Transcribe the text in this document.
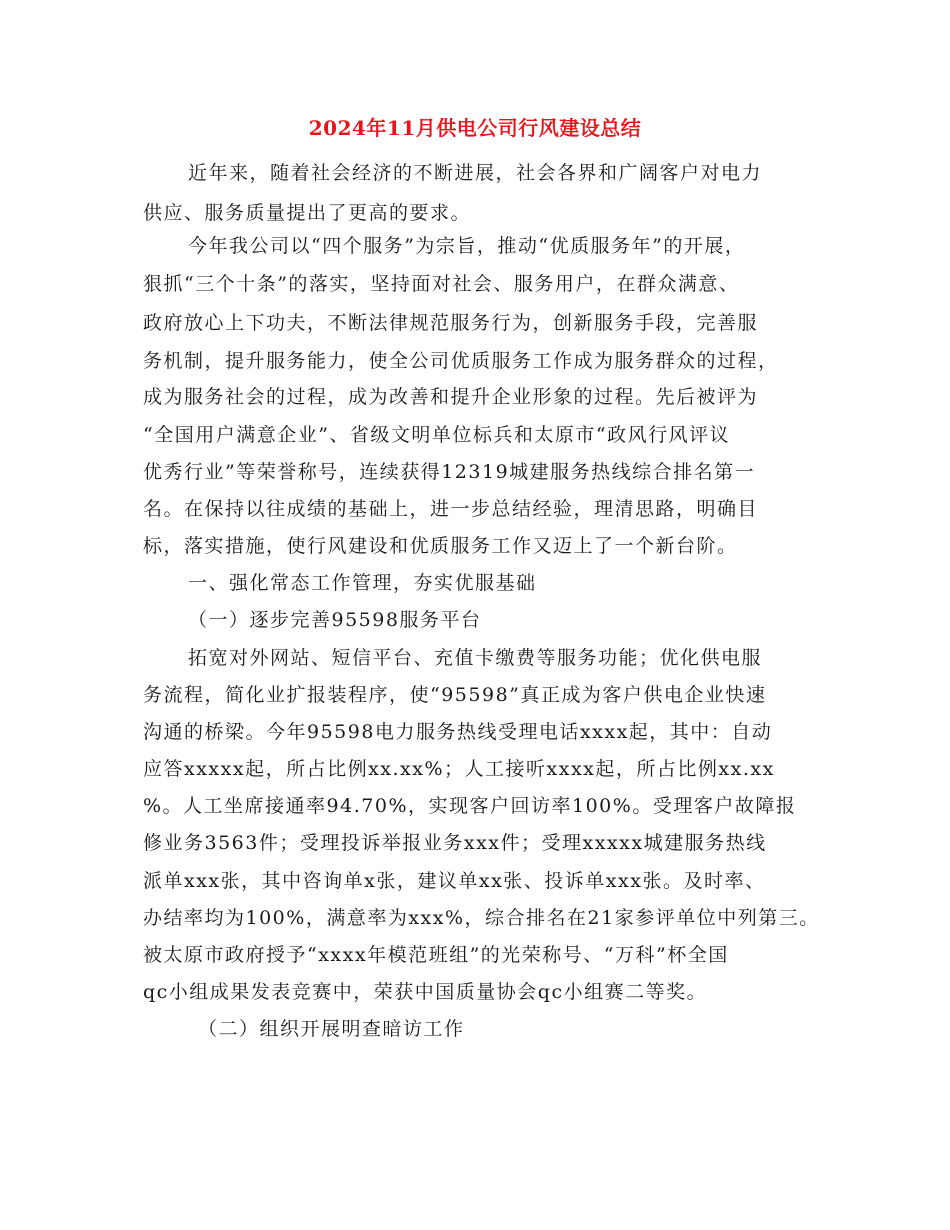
2024年11月供电公司行风建设总结
近年来，随着社会经济的不断进展，社会各界和广阔客户对电力
供应、服务质量提出了更高的要求。
今年我公司以“四个服务”为宗旨，推动“优质服务年”的开展，
狠抓“三个十条”的落实，坚持面对社会、服务用户，在群众满意、
政府放心上下功夫，不断法律规范服务行为，创新服务手段，完善服
务机制，提升服务能力，使全公司优质服务工作成为服务群众的过程，
成为服务社会的过程，成为改善和提升企业形象的过程。先后被评为
“全国用户满意企业”、省级文明单位标兵和太原市“政风行风评议
优秀行业”等荣誉称号，连续获得12319城建服务热线综合排名第一
名。在保持以往成绩的基础上，进一步总结经验，理清思路，明确目
标，落实措施，使行风建设和优质服务工作又迈上了一个新台阶。
一、强化常态工作管理，夯实优服基础
（一）逐步完善95598服务平台
拓宽对外网站、短信平台、充值卡缴费等服务功能；优化供电服
务流程，简化业扩报装程序，使“95598”真正成为客户供电企业快速
沟通的桥梁。今年95598电力服务热线受理电话xxxx起，其中：自动
应答xxxxx起，所占比例xx.xx%；人工接听xxxx起，所占比例xx.xx
%。人工坐席接通率94.70%，实现客户回访率100%。受理客户故障报
修业务3563件；受理投诉举报业务xxx件；受理xxxxx城建服务热线
派单xxx张，其中咨询单x张，建议单xx张、投诉单xxx张。及时率、
办结率均为100%，满意率为xxx%，综合排名在21家参评单位中列第三。
被太原市政府授予“xxxx年模范班组”的光荣称号、“万科”杯全国
qc小组成果发表竞赛中，荣获中国质量协会qc小组赛二等奖。
（二）组织开展明查暗访工作
